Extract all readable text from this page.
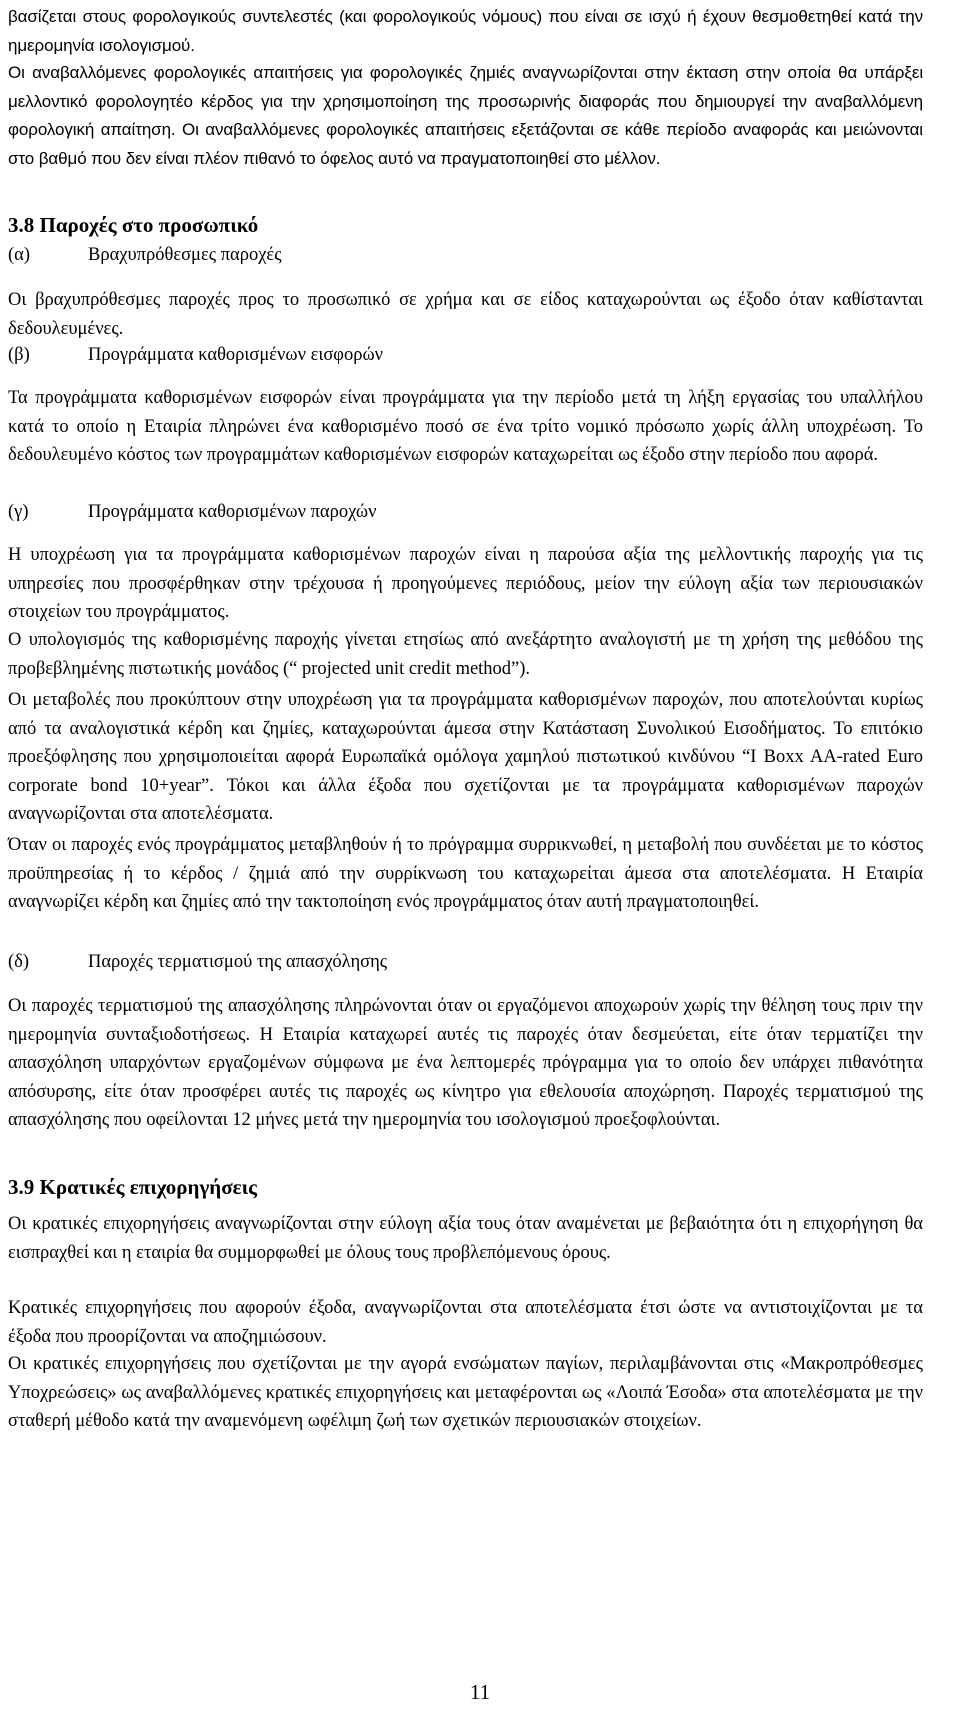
βασίζεται στους φορολογικούς συντελεστές (και φορολογικούς νόμους) που είναι σε ισχύ ή έχουν θεσμοθετηθεί κατά την ημερομηνία ισολογισμού.

Οι αναβαλλόμενες φορολογικές απαιτήσεις για φορολογικές ζημιές αναγνωρίζονται στην έκταση στην οποία θα υπάρξει μελλοντικό φορολογητέο κέρδος για την χρησιμοποίηση της προσωρινής διαφοράς που δημιουργεί την αναβαλλόμενη φορολογική απαίτηση. Οι αναβαλλόμενες φορολογικές απαιτήσεις εξετάζονται σε κάθε περίοδο αναφοράς και μειώνονται στο βαθμό που δεν είναι πλέον πιθανό το όφελος αυτό να πραγματοποιηθεί στο μέλλον.

3.8 Παροχές στο προσωπικό
(α)	Βραχυπρόθεσμες παροχές

Οι βραχυπρόθεσμες παροχές προς το προσωπικό σε χρήμα και σε είδος καταχωρούνται ως έξοδο όταν καθίστανται δεδουλευμένες.

(β)	Προγράμματα καθορισμένων εισφορών

Τα προγράμματα καθορισμένων εισφορών είναι προγράμματα για την περίοδο μετά τη λήξη εργασίας του υπαλλήλου κατά το οποίο η Εταιρία πληρώνει ένα καθορισμένο ποσό σε ένα τρίτο νομικό πρόσωπο χωρίς άλλη υποχρέωση. Το δεδουλευμένο κόστος των προγραμμάτων καθορισμένων εισφορών καταχωρείται ως έξοδο στην περίοδο που αφορά.

(γ)	Προγράμματα καθορισμένων παροχών

Η υποχρέωση για τα προγράμματα καθορισμένων παροχών είναι η παρούσα αξία της μελλοντικής παροχής για τις υπηρεσίες που προσφέρθηκαν στην τρέχουσα ή προηγούμενες περιόδους, μείον την εύλογη αξία των περιουσιακών στοιχείων του προγράμματος.

Ο υπολογισμός της καθορισμένης παροχής γίνεται ετησίως από ανεξάρτητο αναλογιστή με τη χρήση της μεθόδου της προβεβλημένης πιστωτικής μονάδος (“ projected unit credit method”).

Οι μεταβολές που προκύπτουν στην υποχρέωση για τα προγράμματα καθορισμένων παροχών, που αποτελούνται κυρίως από τα αναλογιστικά κέρδη και ζημίες, καταχωρούνται άμεσα στην Κατάσταση Συνολικού Εισοδήματος. Το επιτόκιο προεξόφλησης που χρησιμοποιείται αφορά Ευρωπαϊκά ομόλογα χαμηλού πιστωτικού κινδύνου “I Boxx AA-rated Euro corporate bond 10+year”. Τόκοι και άλλα έξοδα που σχετίζονται με τα προγράμματα καθορισμένων παροχών αναγνωρίζονται στα αποτελέσματα.

Όταν οι παροχές ενός προγράμματος μεταβληθούν ή το πρόγραμμα συρρικνωθεί, η μεταβολή που συνδέεται με το κόστος προϋπηρεσίας ή το κέρδος / ζημιά από την συρρίκνωση του καταχωρείται άμεσα στα αποτελέσματα. Η Εταιρία αναγνωρίζει κέρδη και ζημίες από την τακτοποίηση ενός προγράμματος όταν αυτή πραγματοποιηθεί.

(δ)	Παροχές τερματισμού της απασχόλησης

Οι παροχές τερματισμού της απασχόλησης πληρώνονται όταν οι εργαζόμενοι αποχωρούν χωρίς την θέληση τους πριν την ημερομηνία συνταξιοδοτήσεως. Η Εταιρία καταχωρεί αυτές τις παροχές όταν δεσμεύεται, είτε όταν τερματίζει την απασχόληση υπαρχόντων εργαζομένων σύμφωνα με ένα λεπτομερές πρόγραμμα για το οποίο δεν υπάρχει πιθανότητα απόσυρσης, είτε όταν προσφέρει αυτές τις παροχές ως κίνητρο για εθελουσία αποχώρηση. Παροχές τερματισμού της απασχόλησης που οφείλονται 12 μήνες μετά την ημερομηνία του ισολογισμού προεξοφλούνται.

3.9 Κρατικές επιχορηγήσεις

Οι κρατικές επιχορηγήσεις αναγνωρίζονται στην εύλογη αξία τους όταν αναμένεται με βεβαιότητα ότι η επιχορήγηση θα εισπραχθεί και η εταιρία θα συμμορφωθεί με όλους τους προβλεπόμενους όρους.

Κρατικές επιχορηγήσεις που αφορούν έξοδα, αναγνωρίζονται στα αποτελέσματα έτσι ώστε να αντιστοιχίζονται με τα έξοδα που προορίζονται να αποζημιώσουν.

Οι κρατικές επιχορηγήσεις που σχετίζονται με την αγορά ενσώματων παγίων, περιλαμβάνονται στις «Μακροπρόθεσμες Υποχρεώσεις» ως αναβαλλόμενες κρατικές επιχορηγήσεις και μεταφέρονται ως «Λοιπά Έσοδα» στα αποτελέσματα με την σταθερή μέθοδο κατά την αναμενόμενη ωφέλιμη ζωή των σχετικών περιουσιακών στοιχείων.

11
